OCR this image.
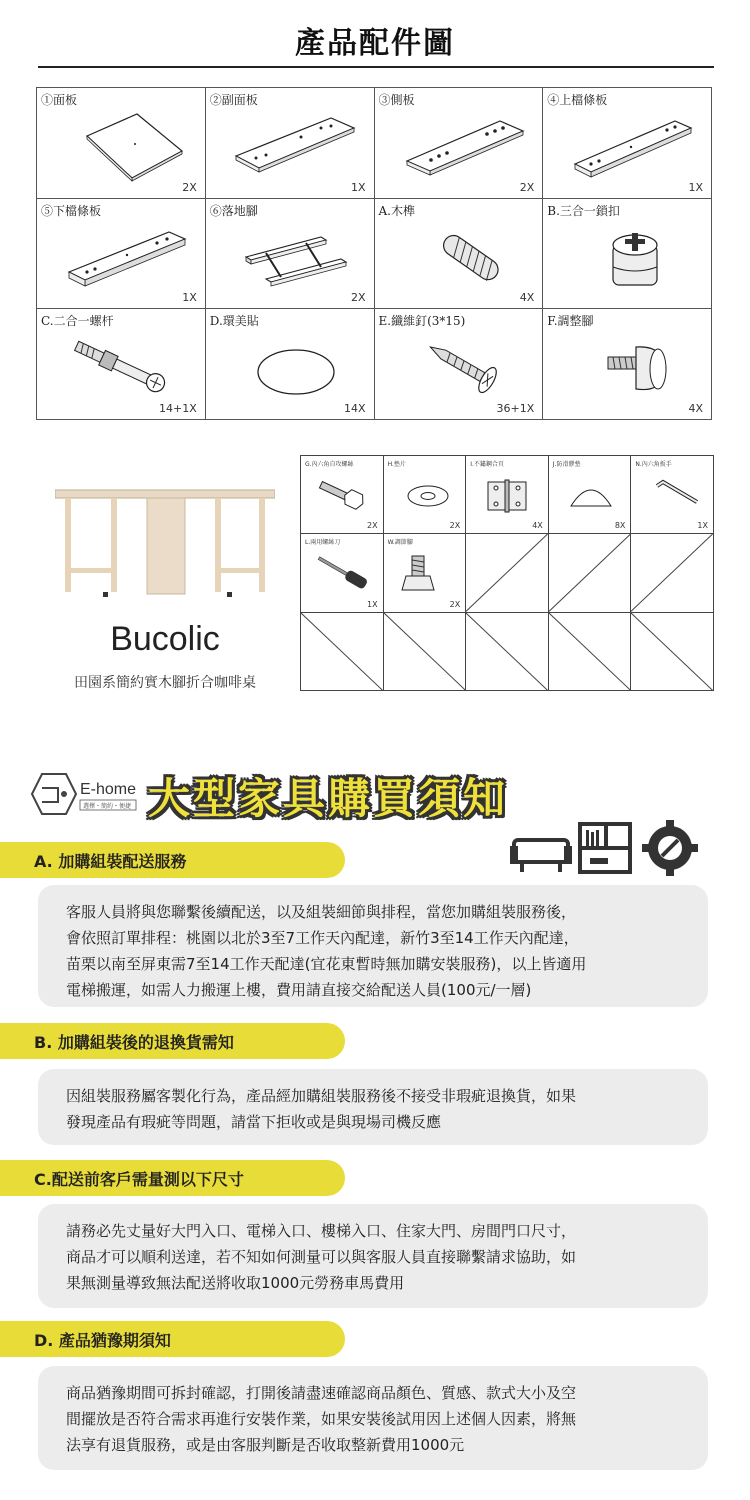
產品配件圖
①面板
2X
②副面板
1X
③側板
2X
④上檔條板
1X
⑤下檔條板
1X
⑥落地腳
2X
A.木榫
4X
B.三合一鎖扣
C.二合一螺杆
14+1X
D.環美貼
14X
E.纖維釘(3*15)
36+1X
F.調整腳
4X
Bucolic
田園系簡約實木腳折合咖啡桌
G.內六角自攻螺絲
2X
H.墊片
2X
I.不鏽鋼合頁
4X
J.防滑膠墊
8X
N.內六角扳手
1X
L.兩用螺絲刀
1X
W.調節腳
2X
E-home
選擇・簡約・便捷 大型家具購買須知
A. 加購組裝配送服務

客服人員將與您聯繫後續配送，以及組裝細節與排程，當您加購組裝服務後，
會依照訂單排程：桃園以北於3至7工作天內配達，新竹3至14工作天內配達，
苗栗以南至屏東需7至14工作天配達(宜花東暫時無加購安裝服務)，以上皆適用
電梯搬運，如需人力搬運上樓，費用請直接交給配送人員(100元/一層)

B. 加購組裝後的退換貨需知

因組裝服務屬客製化行為，產品經加購組裝服務後不接受非瑕疵退換貨，如果
發現產品有瑕疵等問題，請當下拒收或是與現場司機反應

C.配送前客戶需量測以下尺寸

請務必先丈量好大門入口、電梯入口、樓梯入口、住家大門、房間門口尺寸，
商品才可以順利送達，若不知如何測量可以與客服人員直接聯繫請求協助，如
果無測量導致無法配送將收取1000元勞務車馬費用

D. 產品猶豫期須知

商品猶豫期間可拆封確認，打開後請盡速確認商品顏色、質感、款式大小及空
間擺放是否符合需求再進行安裝作業，如果安裝後試用因上述個人因素，將無
法享有退貨服務，或是由客服判斷是否收取整新費用1000元
